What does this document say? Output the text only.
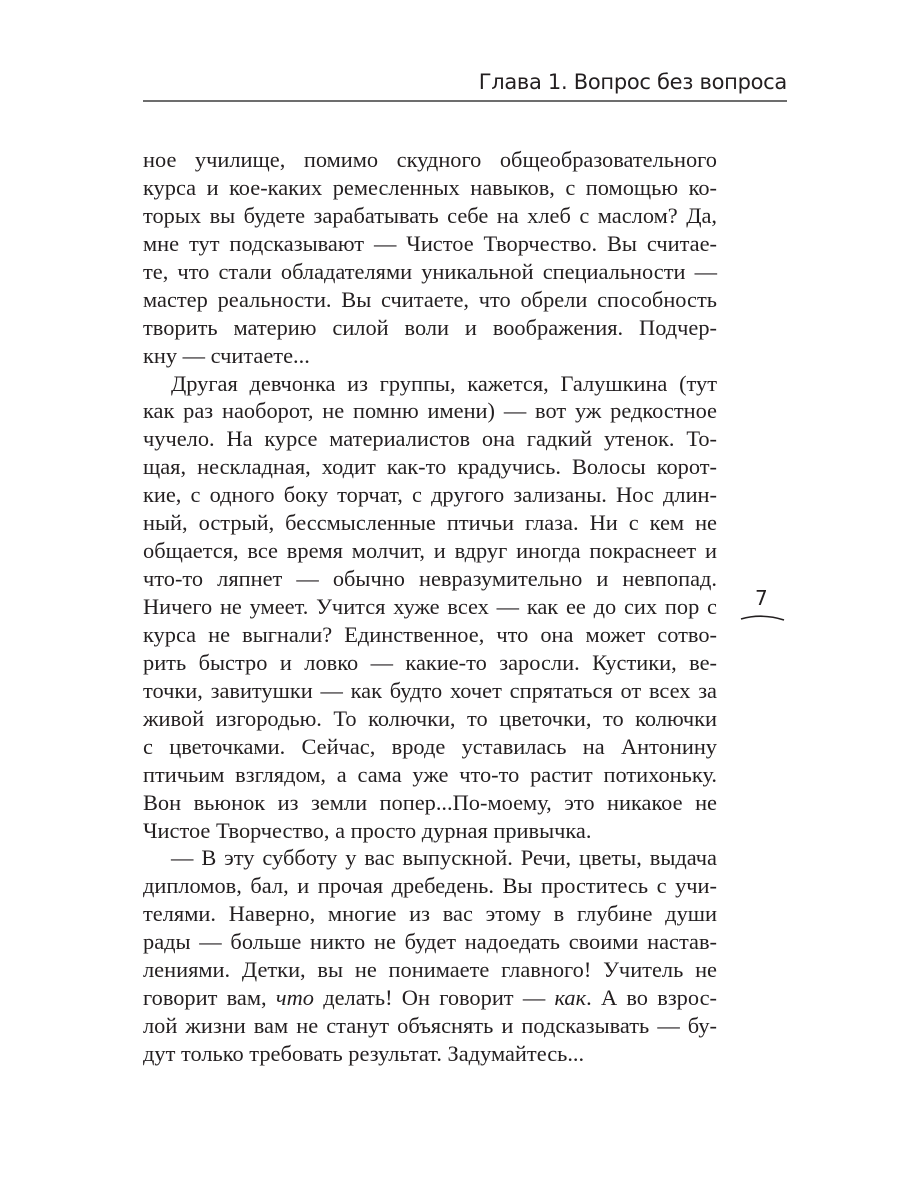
Глава 1. Вопрос без вопроса
ное училище, помимо скудного общеобразовательного
курса и кое-каких ремесленных навыков, с помощью ко-
торых вы будете зарабатывать себе на хлеб с маслом? Да,
мне тут подсказывают — Чистое Творчество. Вы считае-
те, что стали обладателями уникальной специальности —
мастер реальности. Вы считаете, что обрели способность
творить материю силой воли и воображения. Подчер-
кну — считаете...
Другая девчонка из группы, кажется, Галушкина (тут
как раз наоборот, не помню имени) — вот уж редкостное
чучело. На курсе материалистов она гадкий утенок. То-
щая, нескладная, ходит как-то крадучись. Волосы корот-
кие, с одного боку торчат, с другого зализаны. Нос длин-
ный, острый, бессмысленные птичьи глаза. Ни с кем не
общается, все время молчит, и вдруг иногда покраснеет и
что-то ляпнет — обычно невразумительно и невпопад.
Ничего не умеет. Учится хуже всех — как ее до сих пор с
курса не выгнали? Единственное, что она может сотво-
рить быстро и ловко — какие-то заросли. Кустики, ве-
точки, завитушки — как будто хочет спрятаться от всех за
живой изгородью. То колючки, то цветочки, то колючки
с цветочками. Сейчас, вроде уставилась на Антонину
птичьим взглядом, а сама уже что-то растит потихоньку.
Вон вьюнок из земли попер...По-моему, это никакое не
Чистое Творчество, а просто дурная привычка.
— В эту субботу у вас выпускной. Речи, цветы, выдача
дипломов, бал, и прочая дребедень. Вы проститесь с учи-
телями. Наверно, многие из вас этому в глубине души
рады — больше никто не будет надоедать своими настав-
лениями. Детки, вы не понимаете главного! Учитель не
говорит вам, что делать! Он говорит — как. А во взрос-
лой жизни вам не станут объяснять и подсказывать — бу-
дут только требовать результат. Задумайтесь...
7
